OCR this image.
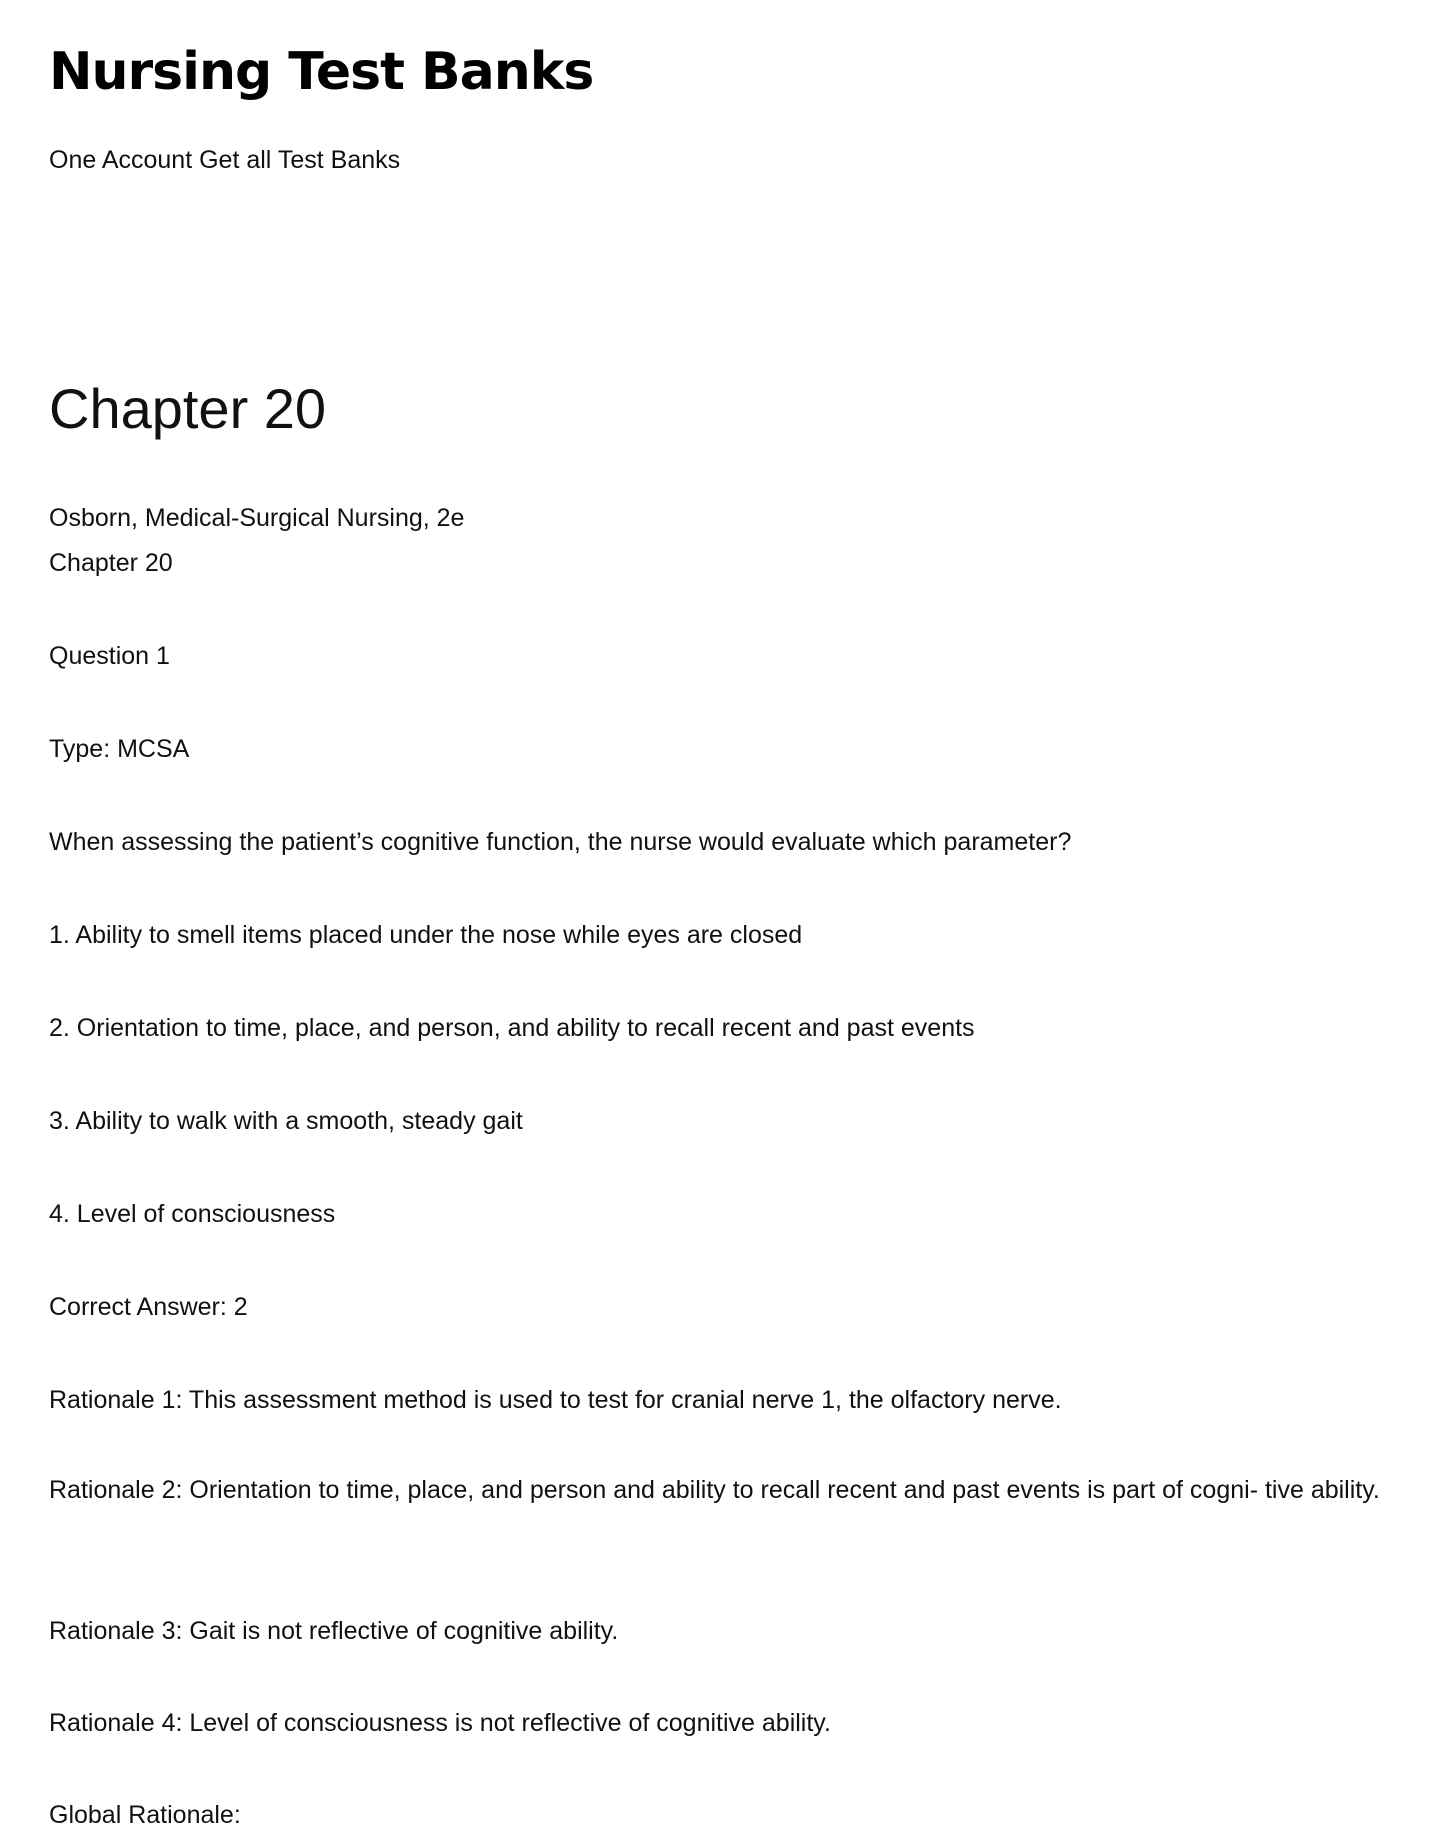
Nursing Test Banks
One Account Get all Test Banks
Chapter 20
Osborn, Medical-Surgical Nursing, 2e
Chapter 20
Question 1
Type: MCSA
When assessing the patient’s cognitive function, the nurse would evaluate which parameter?
1. Ability to smell items placed under the nose while eyes are closed
2. Orientation to time, place, and person, and ability to recall recent and past events
3. Ability to walk with a smooth, steady gait
4. Level of consciousness
Correct Answer: 2
Rationale 1: This assessment method is used to test for cranial nerve 1, the olfactory nerve.
Rationale 2: Orientation to time, place, and person and ability to recall recent and past events is part of cogni- tive ability.
Rationale 3: Gait is not reﬂective of cognitive ability.
Rationale 4: Level of consciousness is not reﬂective of cognitive ability.
Global Rationale:
